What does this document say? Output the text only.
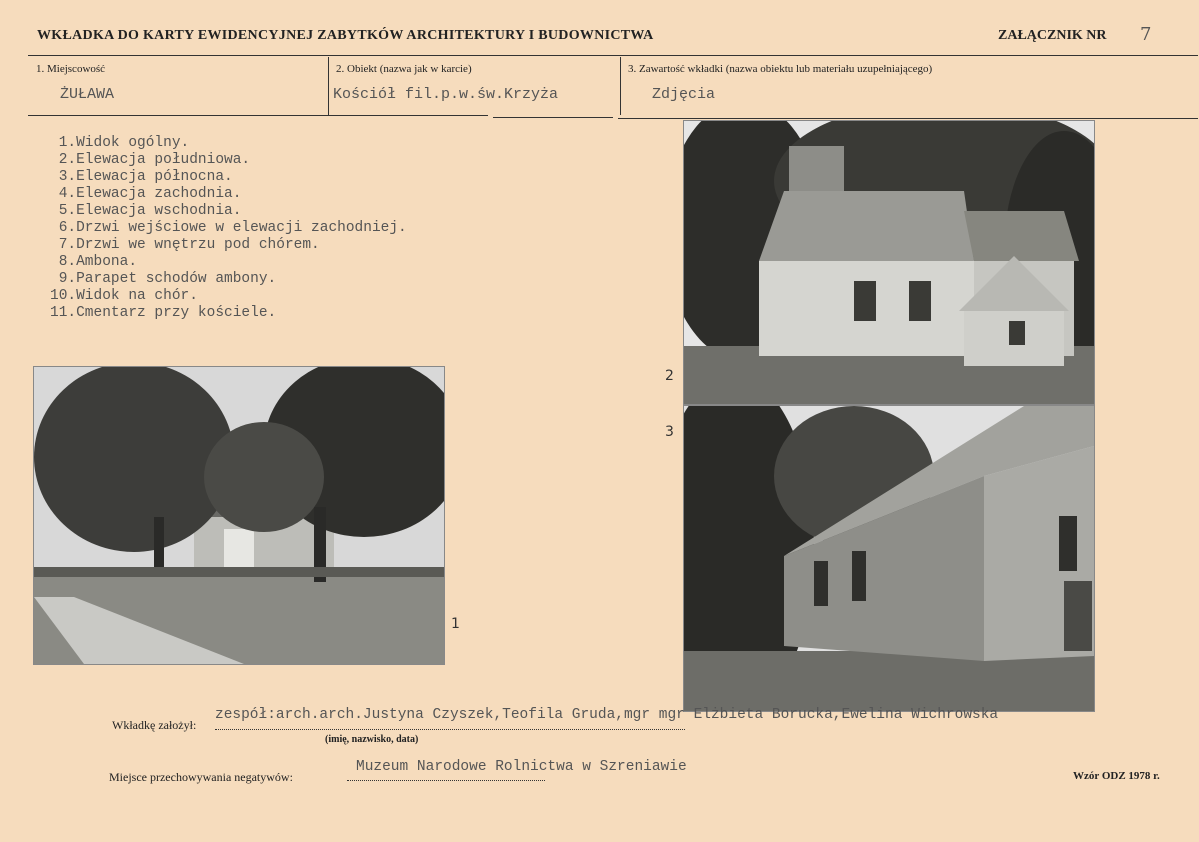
WKŁADKA DO KARTY EWIDENCYJNEJ ZABYTKÓW ARCHITEKTURY I BUDOWNICTWA	ZAŁĄCZNIK NR 7
1. Miejscowość
ŻUŁAWA
2. Obiekt (nazwa jak w karcie)
Kościół fil.p.w.św.Krzyża
3. Zawartość wkładki (nazwa obiektu lub materiału uzupełniającego)
Zdjęcia
1.Widok ogólny.
2.Elewacja południowa.
3.Elewacja północna.
4.Elewacja zachodnia.
5.Elewacja wschodnia.
6.Drzwi wejściowe w elewacji zachodniej.
7.Drzwi we wnętrzu pod chórem.
8.Ambona.
9.Parapet schodów ambony.
10.Widok na chór.
11.Cmentarz przy kościele.
1
2
3
Wkładkę założył:
zespół:arch.arch.Justyna Czyszek,Teofila Gruda,mgr mgr Elżbieta Borucka,Ewelina Wichrowska
(imię, nazwisko, data)
Miejsce przechowywania negatywów:
Muzeum Narodowe Rolnictwa w Szreniawie
Wzór ODZ 1978 r.
